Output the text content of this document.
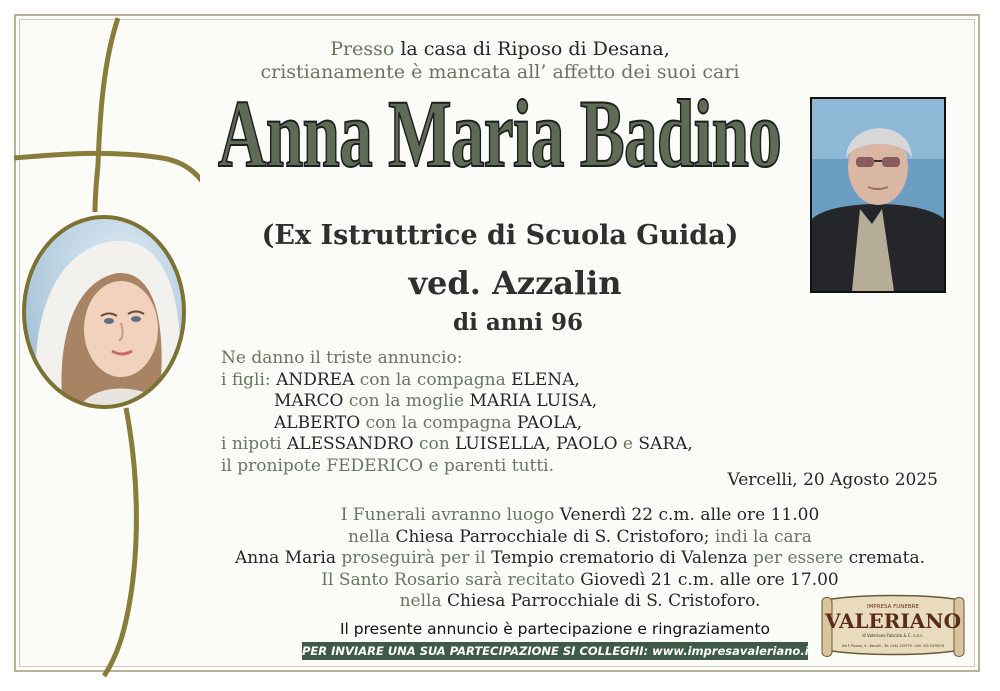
Presso la casa di Riposo di Desana,
cristianamente è mancata all’ affetto dei suoi cari
Anna Maria Badino
(Ex Istruttrice di Scuola Guida)
ved. Azzalin
di anni 96
Ne danno il triste annuncio:
i figli: ANDREA con la compagna ELENA,
MARCO con la moglie MARIA LUISA,
ALBERTO con la compagna PAOLA,
i nipoti ALESSANDRO con LUISELLA, PAOLO e SARA,
il pronipote FEDERICO e parenti tutti.
Vercelli, 20 Agosto 2025
I Funerali avranno luogo Venerdì 22 c.m. alle ore 11.00
nella Chiesa Parrocchiale di S. Cristoforo; indi la cara
Anna Maria proseguirà per il Tempio crematorio di Valenza per essere cremata.
Il Santo Rosario sarà recitato Giovedì 21 c.m. alle ore 17.00
nella Chiesa Parrocchiale di S. Cristoforo.
Il presente annuncio è partecipazione e ringraziamento
PER INVIARE UNA SUA PARTECIPAZIONE SI COLLEGHI: www.impresavaleriano.it
IMPRESA FUNEBRE
VALERIANO
di Valeriano Fabrizio & C. s.n.c.
Via F. Piccolo, 9 - Vercelli - Tel. 0161 250779 - Cell. 335 5475079
